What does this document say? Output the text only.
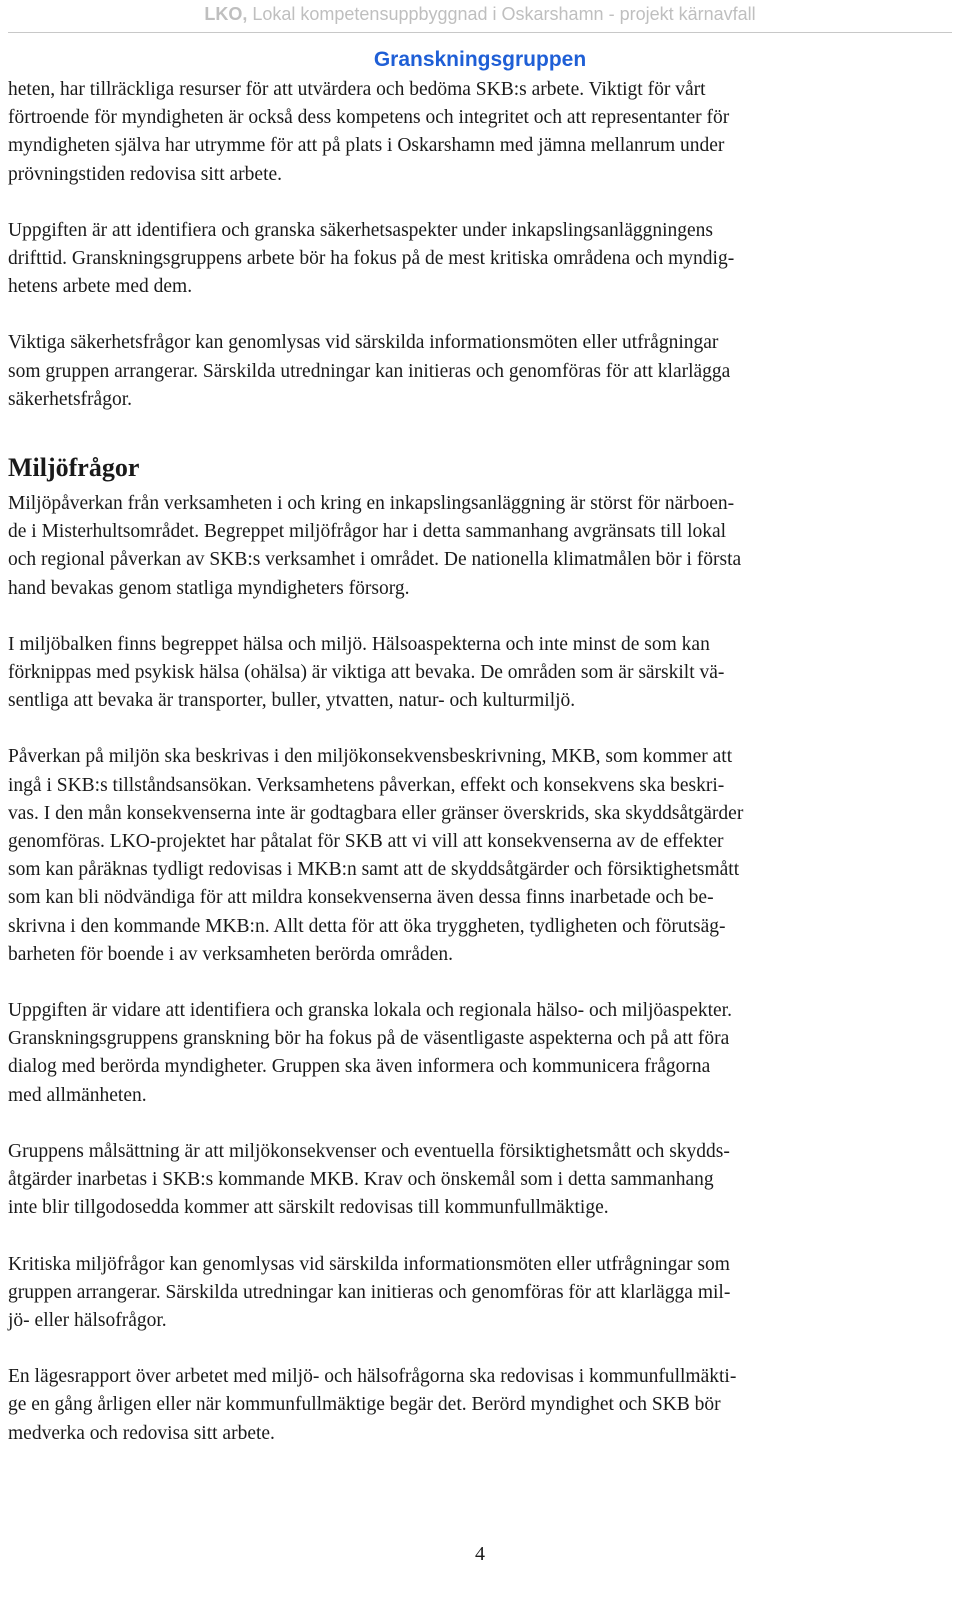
LKO, Lokal kompetensuppbyggnad i Oskarshamn - projekt kärnavfall
Granskningsgruppen

heten, har tillräckliga resurser för att utvärdera och bedöma SKB:s arbete. Viktigt för vårt
förtroende för myndigheten är också dess kompetens och integritet och att representanter för
myndigheten själva har utrymme för att på plats i Oskarshamn med jämna mellanrum under
prövningstiden redovisa sitt arbete.

Uppgiften är att identifiera och granska säkerhetsaspekter under inkapslingsanläggningens
drifttid. Granskningsgruppens arbete bör ha fokus på de mest kritiska områdena och myndig-
hetens arbete med dem.

Viktiga säkerhetsfrågor kan genomlysas vid särskilda informationsmöten eller utfrågningar
som gruppen arrangerar. Särskilda utredningar kan initieras och genomföras för att klarlägga
säkerhetsfrågor.

Miljöfrågor

Miljöpåverkan från verksamheten i och kring en inkapslingsanläggning är störst för närboen-
de i Misterhultsområdet. Begreppet miljöfrågor har i detta sammanhang avgränsats till lokal
och regional påverkan av SKB:s verksamhet i området. De nationella klimatmålen bör i första
hand bevakas genom statliga myndigheters försorg.

I miljöbalken finns begreppet hälsa och miljö. Hälsoaspekterna och inte minst de som kan
förknippas med psykisk hälsa (ohälsa) är viktiga att bevaka. De områden som är särskilt vä-
sentliga att bevaka är transporter, buller, ytvatten, natur- och kulturmiljö.

Påverkan på miljön ska beskrivas i den miljökonsekvensbeskrivning, MKB, som kommer att
ingå i SKB:s tillståndsansökan. Verksamhetens påverkan, effekt och konsekvens ska beskri-
vas. I den mån konsekvenserna inte är godtagbara eller gränser överskrids, ska skyddsåtgärder
genomföras. LKO-projektet har påtalat för SKB att vi vill att konsekvenserna av de effekter
som kan påräknas tydligt redovisas i MKB:n samt att de skyddsåtgärder och försiktighetsmått
som kan bli nödvändiga för att mildra konsekvenserna även dessa finns inarbetade och be-
skrivna i den kommande MKB:n. Allt detta för att öka tryggheten, tydligheten och förutsäg-
barheten för boende i av verksamheten berörda områden.

Uppgiften är vidare att identifiera och granska lokala och regionala hälso- och miljöaspekter.
Granskningsgruppens granskning bör ha fokus på de väsentligaste aspekterna och på att föra
dialog med berörda myndigheter. Gruppen ska även informera och kommunicera frågorna
med allmänheten.

Gruppens målsättning är att miljökonsekvenser och eventuella försiktighetsmått och skydds-
åtgärder inarbetas i SKB:s kommande MKB. Krav och önskemål som i detta sammanhang
inte blir tillgodosedda kommer att särskilt redovisas till kommunfullmäktige.

Kritiska miljöfrågor kan genomlysas vid särskilda informationsmöten eller utfrågningar som
gruppen arrangerar. Särskilda utredningar kan initieras och genomföras för att klarlägga mil-
jö- eller hälsofrågor.

En lägesrapport över arbetet med miljö- och hälsofrågorna ska redovisas i kommunfullmäkti-
ge en gång årligen eller när kommunfullmäktige begär det. Berörd myndighet och SKB bör
medverka och redovisa sitt arbete.

4
